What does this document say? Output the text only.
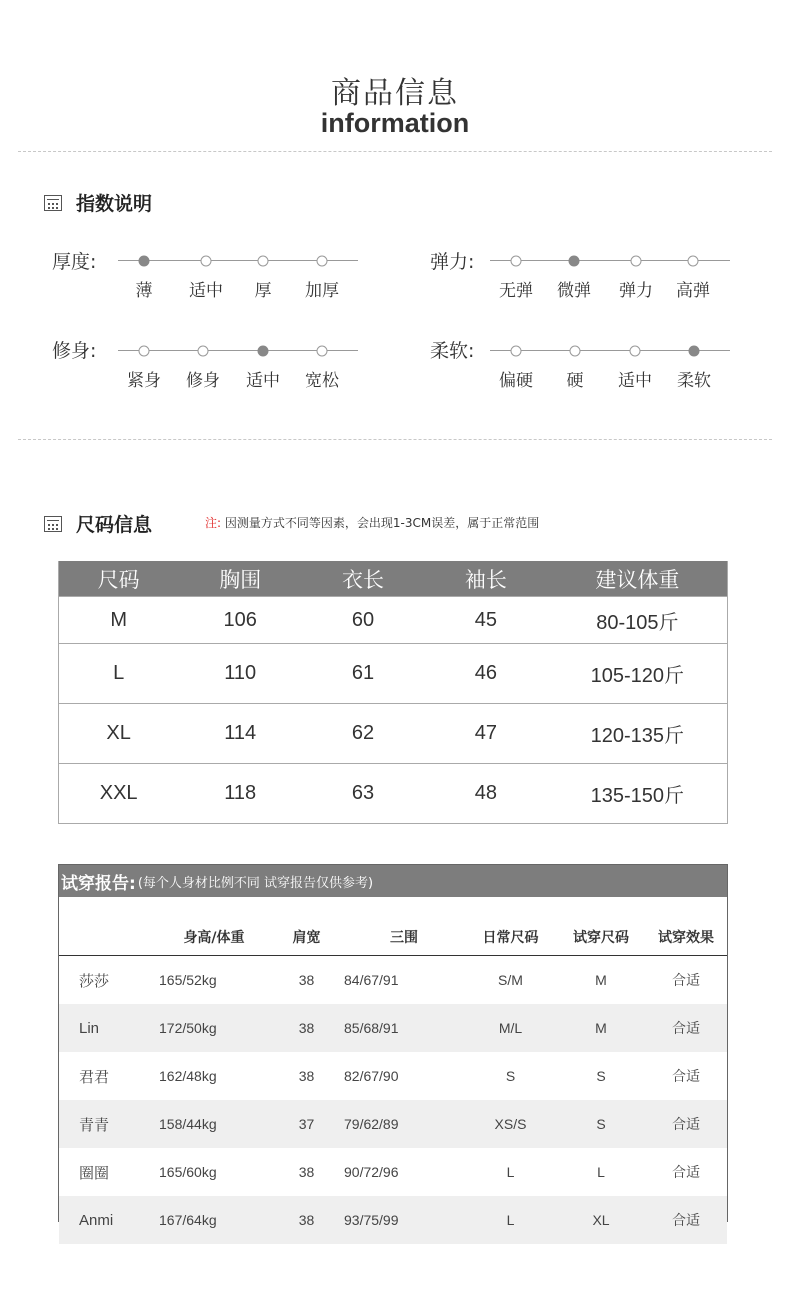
商品信息
information
指数说明
厚度:
薄 适中 厚 加厚
弹力:
无弹 微弹 弹力 高弹
修身:
紧身 修身 适中 宽松
柔软:
偏硬 硬 适中 柔软
尺码信息	注: 因测量方式不同等因素，会出现1-3CM误差，属于正常范围
尺码	胸围	衣长	袖长	建议体重
M	106	60	45	80-105斤
L	110	61	46	105-120斤
XL	114	62	47	120-135斤
XXL	118	63	48	135-150斤
试穿报告: (每个人身材比例不同 试穿报告仅供参考)
	身高/体重	肩宽	三围	日常尺码	试穿尺码	试穿效果
莎莎	165/52kg	38	84/67/91	S/M	M	合适
Lin	172/50kg	38	85/68/91	M/L	M	合适
君君	162/48kg	38	82/67/90	S	S	合适
青青	158/44kg	37	79/62/89	XS/S	S	合适
圈圈	165/60kg	38	90/72/96	L	L	合适
Anmi	167/64kg	38	93/75/99	L	XL	合适
